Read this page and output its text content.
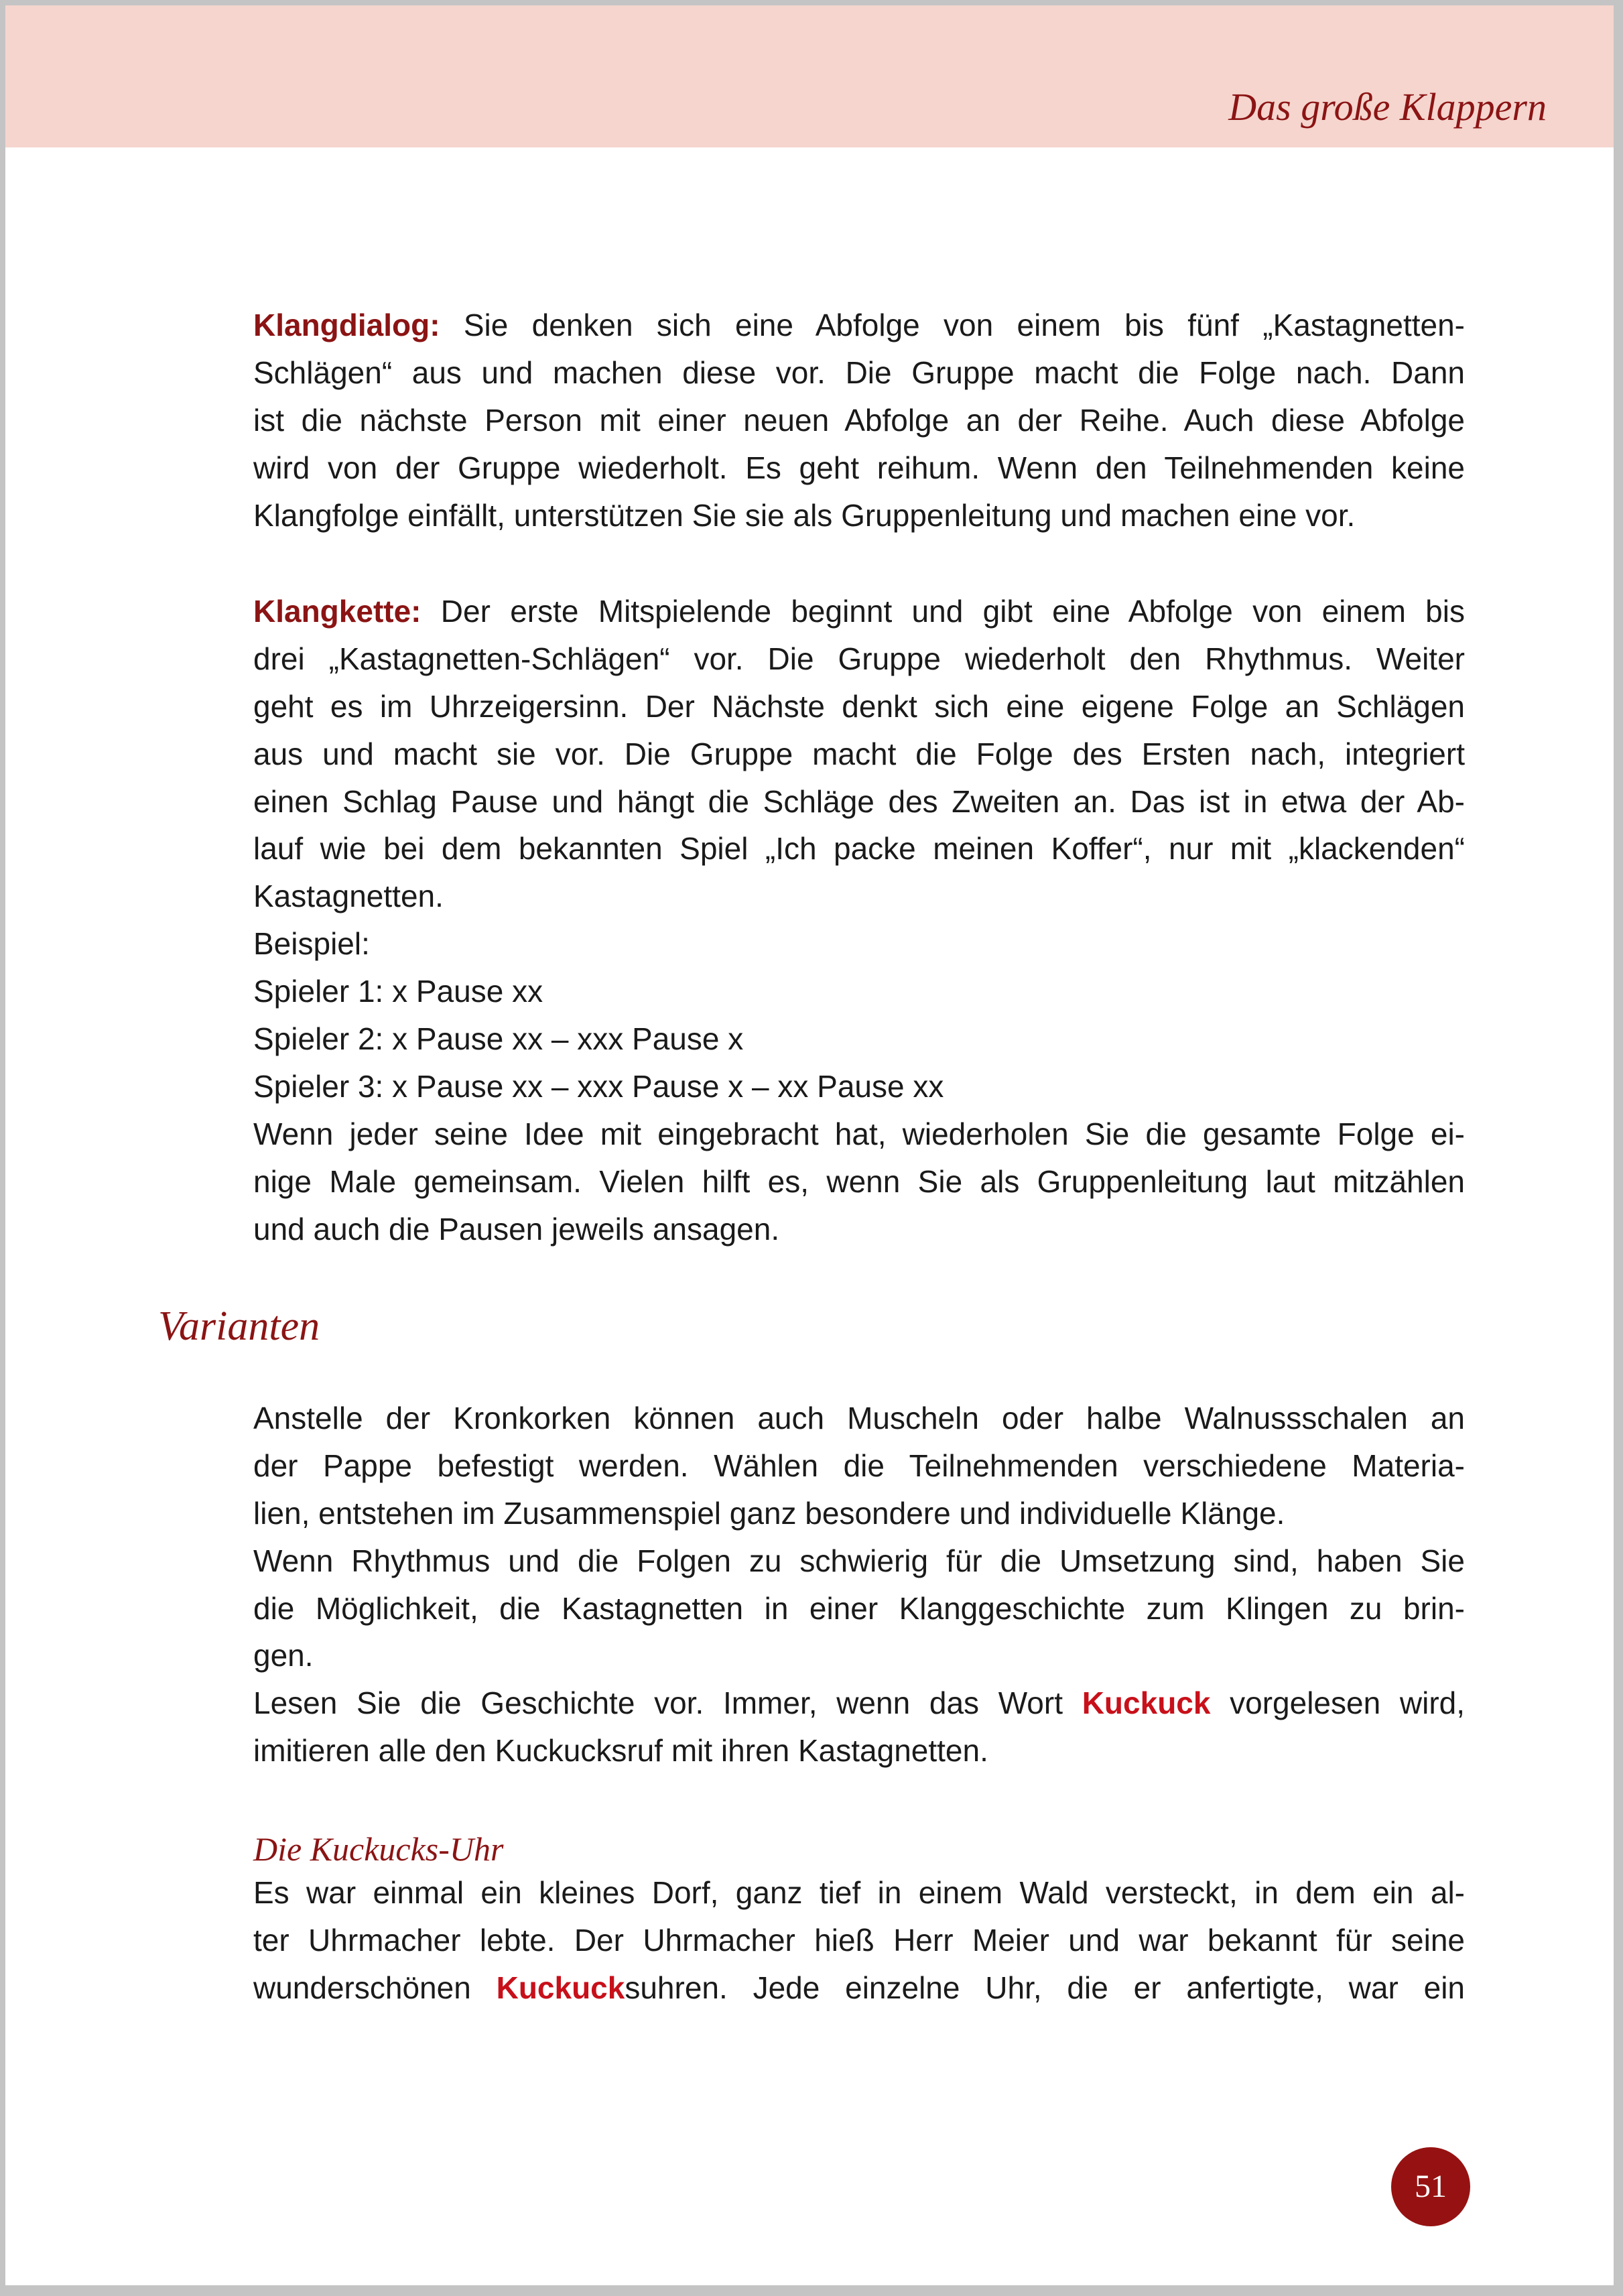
Das große Klappern
Klangdialog: Sie denken sich eine Abfolge von einem bis fünf „Kastagnetten-
Schlägen“ aus und machen diese vor. Die Gruppe macht die Folge nach. Dann
ist die nächste Person mit einer neuen Abfolge an der Reihe. Auch diese Abfolge
wird von der Gruppe wiederholt. Es geht reihum. Wenn den Teilnehmenden keine
Klangfolge einfällt, unterstützen Sie sie als Gruppenleitung und machen eine vor.
Klangkette: Der erste Mitspielende beginnt und gibt eine Abfolge von einem bis
drei „Kastagnetten-Schlägen“ vor. Die Gruppe wiederholt den Rhythmus. Weiter
geht es im Uhrzeigersinn. Der Nächste denkt sich eine eigene Folge an Schlägen
aus und macht sie vor. Die Gruppe macht die Folge des Ersten nach, integriert
einen Schlag Pause und hängt die Schläge des Zweiten an. Das ist in etwa der Ab-
lauf wie bei dem bekannten Spiel „Ich packe meinen Koffer“, nur mit „klackenden“
Kastagnetten.
Beispiel:
Spieler 1: x Pause xx
Spieler 2: x Pause xx – xxx Pause x
Spieler 3: x Pause xx – xxx Pause x – xx Pause xx
Wenn jeder seine Idee mit eingebracht hat, wiederholen Sie die gesamte Folge ei-
nige Male gemeinsam. Vielen hilft es, wenn Sie als Gruppenleitung laut mitzählen
und auch die Pausen jeweils ansagen.
Varianten
Anstelle der Kronkorken können auch Muscheln oder halbe Walnussschalen an
der Pappe befestigt werden. Wählen die Teilnehmenden verschiedene Materia-
lien, entstehen im Zusammenspiel ganz besondere und individuelle Klänge.
Wenn Rhythmus und die Folgen zu schwierig für die Umsetzung sind, haben Sie
die Möglichkeit, die Kastagnetten in einer Klanggeschichte zum Klingen zu brin-
gen.
Lesen Sie die Geschichte vor. Immer, wenn das Wort Kuckuck vorgelesen wird,
imitieren alle den Kuckucksruf mit ihren Kastagnetten.
Die Kuckucks-Uhr
Es war einmal ein kleines Dorf, ganz tief in einem Wald versteckt, in dem ein al-
ter Uhrmacher lebte. Der Uhrmacher hieß Herr Meier und war bekannt für seine
wunderschönen Kuckucksuhren. Jede einzelne Uhr, die er anfertigte, war ein
51
